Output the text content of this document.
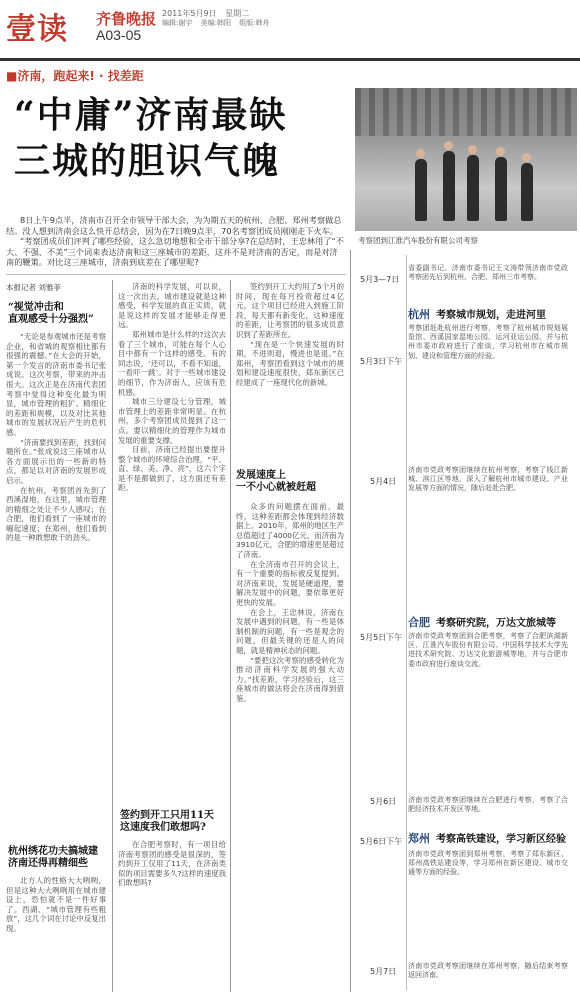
壹读 齐鲁晚报 2011年5月9日 星期二
编辑:谢宇 美编:韩阳 组版:韩舟
A03-05
■济南，跑起来! · 找差距
“中庸”济南最缺
三城的胆识气魄
考察团到江淮汽车股份有限公司考察
8日上午9点半，济南市召开全市领导干部大会，为为期五天的杭州、合肥、郑州考察做总结。没人想到济南会这么快开总结会，因为在7日晚9点半，70名考察团成员刚刚走下火车。
“考察团成员们评判了哪些经验，这么急切地想和全市干部分享?在总结时，王忠林用了“不大、不强、不美”三个词来表达济南和这三座城市的差距，这并不是对济南的否定，而是对济南的鞭策。对比这三座城市，济南到底差在了哪里呢?
本报记者 刘雅菲
“视觉冲击和
直观感受十分强烈”

“无论是参观城市还是考察企业，和省城的观察相比都有很强的震撼。”在大会的开始，第一个发言的济南市委书记张成说。这次考察，带来的冲击很大。这次正是在济南代表团考察中觉得这种变化最为明显，城市管理的粗犷、精细化的差距和规模，以及对比其他城市的发展状况后产生的危机感。

“济南要找到差距，找到问题所在。”张成说这三座城市从各方面展示出的一些新的特点，都足以对济南的发展形成启示。

在杭州，考察团首先到了西溪湿地，在这里，城市管理的精细之处让不少人感叹；在合肥，他们看到了一座城市的崛起速度；在郑州，他们看到的是一种敢想敢干的劲头。

杭州绣花功夫搞城建
济南还得再精细些

北方人的性格大大咧咧，但是这种大大咧咧用在城市建设上，恐怕就不是一件好事了。西湖、“城市管理有些粗放”，这几个词在讨论中反复出现。

济南的科学发展，可以说，这一次出去，城市建设就是这种感受，科学发展的真正实质，就是说这样的发展才能够走得更远。

郑州城市是什么样的?这次去看了三个城市，可能在每个人心目中都有一个这样的感受。有的同志说，‘还可以，不看不知道，一看吓一跳’。对于一些城市建设的细节，作为济南人，应该有危机感。

城市三分建设七分管理，城市管理上的差距非常明显。在杭州，多个考察团成员提到了这一点。要以精细化的管理作为城市发展的重要支撑。

目前，济南已经提出要提升整个城市的环境综合治理，“平、直、绿、美、净、亮”，这六个字是不是都做到了，这方面还有差距。

签约到开工只用11天
这速度我们敢想吗?

在合肥考察时，有一项目给济南考察团的感受是很深的，签约到开工仅用了11天，在济南类似的项目需要多久?这样的速度我们敢想吗?

签约到开工大约用了5个月的时间，现在每月投资超过4亿元，这个项目已经进入到施工阶段，每天都有新变化，这种速度的差距，让考察团的很多成员意识到了差距所在。

“现在是一个快速发展的时期，不进则退，慢进也是退。”在郑州，考察团看到这个城市的规划和建设速度很快，郑东新区已经建成了一座现代化的新城。

发展速度上
一不小心就被赶超

众多的问题摆在面前，最终，这种差距都会体现到经济数据上。2010年，郑州的地区生产总值超过了4000亿元，而济南为3910亿元，合肥的增速更是超过了济南。

在全济南市召开的会议上，有一个重要的指标被反复提到。对济南来说，发展是硬道理，要解决发展中的问题，要依靠更好更快的发展。

在会上，王忠林说，济南在发展中遇到的问题，有一些是体制机制的问题，有一些是观念的问题，但最关键的还是人的问题，就是精神状态的问题。

“要把这次考察的感受转化为推动济南科学发展的强大动力。”找差距，学习经验后，这三座城市的做法将会在济南得到借鉴。

5月3—7日
省委副书记、济南市委书记王文涛带领济南市党政考察团先后到杭州、合肥、郑州三市考察。
5月3日下午
杭州 考察城市规划，走进河里
考察团赶赴杭州进行考察，考察了杭州城市规划展览馆、西溪国家湿地公园、运河亚运公园，并与杭州市委市政府进行了座谈，学习杭州市在城市规划、建设和管理方面的经验。
5月4日
济南市党政考察团继续在杭州考察，考察了钱江新城、滨江区等地，深入了解杭州市城市建设、产业发展等方面的情况，随后赶赴合肥。
5月5日下午
合肥 考察研究院，万达文旅城等
济南市党政考察团到合肥考察，考察了合肥滨湖新区、江淮汽车股份有限公司、中国科学技术大学先进技术研究院、万达文化旅游城等地，并与合肥市委市政府进行座谈交流。
5月6日 济南市党政考察团继续在合肥进行考察，考察了合肥经济技术开发区等地。
5月6日下午 郑州 考察高铁建设，学习新区经验
济南市党政考察团到郑州考察，考察了郑东新区、郑州高铁站建设等，学习郑州在新区建设、城市交通等方面的经验。
5月7日
济南市党政考察团继续在郑州考察，随后结束考察返回济南。
